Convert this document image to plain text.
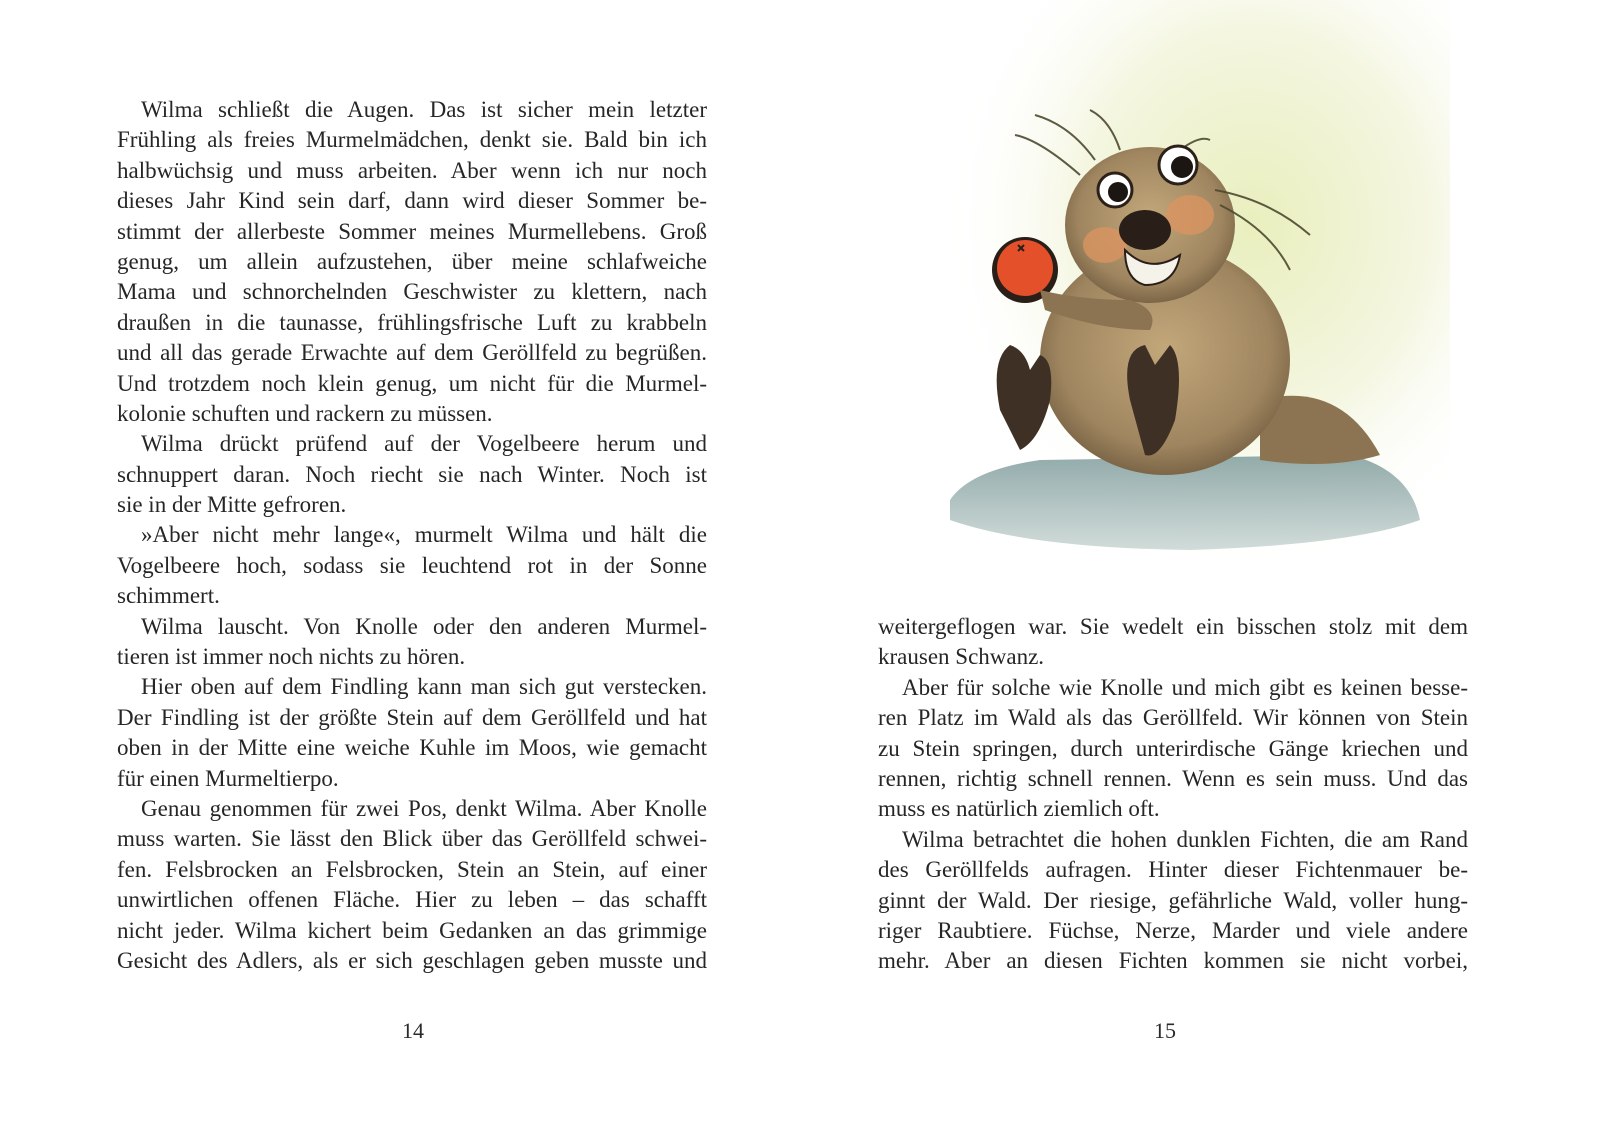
Wilma schließt die Augen. Das ist sicher mein letzter
Frühling als freies Murmelmädchen, denkt sie. Bald bin ich
halbwüchsig und muss arbeiten. Aber wenn ich nur noch
dieses Jahr Kind sein darf, dann wird dieser Sommer be-
stimmt der allerbeste Sommer meines Murmellebens. Groß
genug, um allein aufzustehen, über meine schlafweiche
Mama und schnorchelnden Geschwister zu klettern, nach
draußen in die taunasse, frühlingsfrische Luft zu krabbeln
und all das gerade Erwachte auf dem Geröllfeld zu begrüßen.
Und trotzdem noch klein genug, um nicht für die Murmel-
kolonie schuften und rackern zu müssen.
Wilma drückt prüfend auf der Vogelbeere herum und
schnuppert daran. Noch riecht sie nach Winter. Noch ist
sie in der Mitte gefroren.
»Aber nicht mehr lange«, murmelt Wilma und hält die
Vogelbeere hoch, sodass sie leuchtend rot in der Sonne
schimmert.
Wilma lauscht. Von Knolle oder den anderen Murmel-
tieren ist immer noch nichts zu hören.
Hier oben auf dem Findling kann man sich gut verstecken.
Der Findling ist der größte Stein auf dem Geröllfeld und hat
oben in der Mitte eine weiche Kuhle im Moos, wie gemacht
für einen Murmeltierpo.
Genau genommen für zwei Pos, denkt Wilma. Aber Knolle
muss warten. Sie lässt den Blick über das Geröllfeld schwei-
fen. Felsbrocken an Felsbrocken, Stein an Stein, auf einer
unwirtlichen offenen Fläche. Hier zu leben – das schafft
nicht jeder. Wilma kichert beim Gedanken an das grimmige
Gesicht des Adlers, als er sich geschlagen geben musste und
14
weitergeflogen war. Sie wedelt ein bisschen stolz mit dem
krausen Schwanz.
Aber für solche wie Knolle und mich gibt es keinen besse-
ren Platz im Wald als das Geröllfeld. Wir können von Stein
zu Stein springen, durch unterirdische Gänge kriechen und
rennen, richtig schnell rennen. Wenn es sein muss. Und das
muss es natürlich ziemlich oft.
Wilma betrachtet die hohen dunklen Fichten, die am Rand
des Geröllfelds aufragen. Hinter dieser Fichtenmauer be-
ginnt der Wald. Der riesige, gefährliche Wald, voller hung-
riger Raubtiere. Füchse, Nerze, Marder und viele andere
mehr. Aber an diesen Fichten kommen sie nicht vorbei,
15
